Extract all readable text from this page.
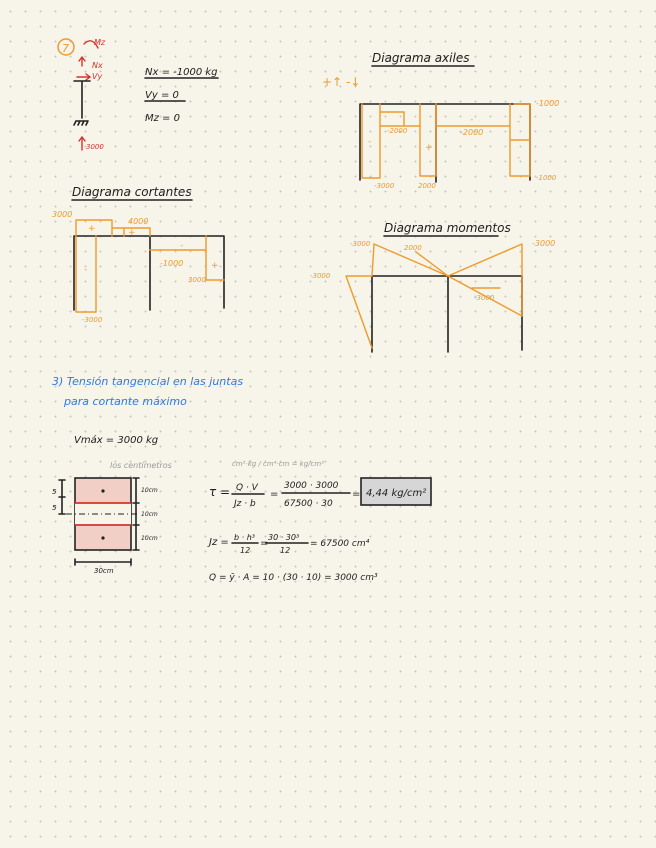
7	Mz
Nx
Vy
3000
Nx = -1000 kg
Vy = 0
Mz = 0
Diagrama axiles
+↑ -↓
-1000
-2000	-2000
-3000	2000
-1000
-
+
-	-
-
Diagrama cortantes
3000
4000
-1000
3000
-3000
+	+
-
-
+
Diagrama momentos
-3000	2000	-3000
-3000
-3000
3) Tensión tangencial en las juntas
para cortante máximo
Vmáx = 3000 kg
los centímetros
5
5
10cm
10cm
10cm
30cm
cm³·kg / cm⁴·cm = kg/cm²
τ = Q · V
Jz · b
=
3000 · 3000
67500 · 30
= 4,44 kg/cm²
Jz = b · h³
12
=
30 · 30³
12
= 67500 cm⁴
Q = ȳ · A = 10 · (30 · 10) = 3000 cm³
